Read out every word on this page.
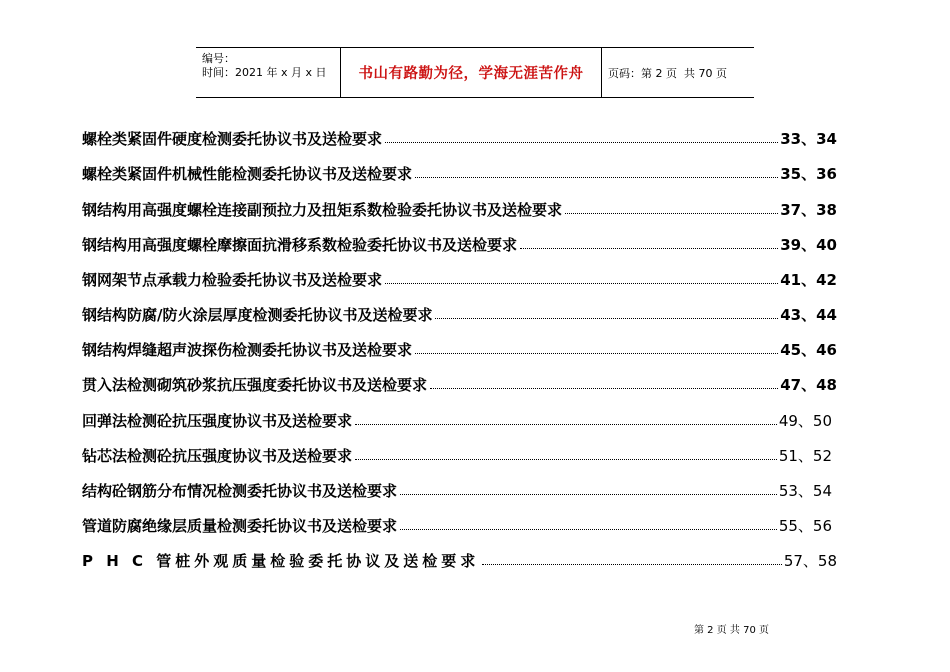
编号：
时间：2021 年 x 月 x 日	书山有路勤为径，学海无涯苦作舟 页码：第 2 页  共 70 页
螺栓类紧固件硬度检测委托协议书及送检要求	33、34
螺栓类紧固件机械性能检测委托协议书及送检要求	35、36
钢结构用高强度螺栓连接副预拉力及扭矩系数检验委托协议书及送检要求	37、38
钢结构用高强度螺栓摩擦面抗滑移系数检验委托协议书及送检要求	39、40
钢网架节点承载力检验委托协议书及送检要求	41、42
钢结构防腐/防火涂层厚度检测委托协议书及送检要求	43、44
钢结构焊缝超声波探伤检测委托协议书及送检要求	45、46
贯入法检测砌筑砂浆抗压强度委托协议书及送检要求	47、48
回弹法检测砼抗压强度协议书及送检要求	49、50
钻芯法检测砼抗压强度协议书及送检要求	51、52
结构砼钢筋分布情况检测委托协议书及送检要求	53、54
管道防腐绝缘层质量检测委托协议书及送检要求	55、56
P H C 管桩外观质量检验委托协议及送检要求	57、58
第 2 页 共 70 页
